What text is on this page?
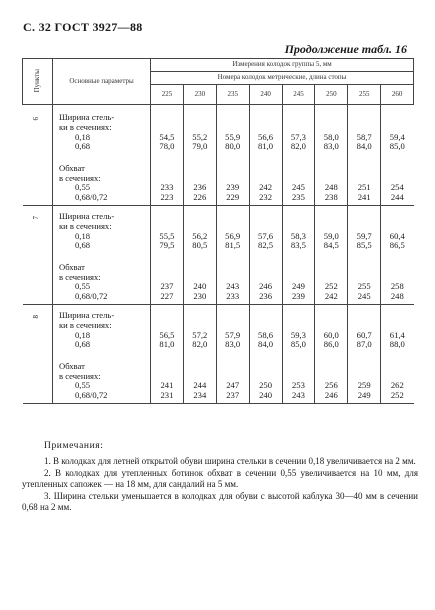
С. 32 ГОСТ 3927—88
Продолжение табл. 16
Пункты	Основные параметры	Измерения колодок группы 5, мм							
		Номера колодок метрические, длина стопы							
		225	230	235	240	245	250	255	260
6	Ширина стель-								
	ки в сечениях:								
	0,18	54,5	55,2	55,9	56,6	57,3	58,0	58,7	59,4
	0,68	78,0	79,0	80,0	81,0	82,0	83,0	84,0	85,0
	Обхват								
	в сечениях:								
	0,55	233	236	239	242	245	248	251	254
	0,68/0,72	223	226	229	232	235	238	241	244
7	Ширина стель-								
	ки в сечениях:								
	0,18	55,5	56,2	56,9	57,6	58,3	59,0	59,7	60,4
	0,68	79,5	80,5	81,5	82,5	83,5	84,5	85,5	86,5
	Обхват								
	в сечениях:								
	0,55	237	240	243	246	249	252	255	258
	0,68/0,72	227	230	233	236	239	242	245	248
8	Ширина стель-								
	ки в сечениях:								
	0,18	56,5	57,2	57,9	58,6	59,3	60,0	60,7	61,4
	0,68	81,0	82,0	83,0	84,0	85,0	86,0	87,0	88,0
	Обхват								
	в сечениях:								
	0,55	241	244	247	250	253	256	259	262
	0,68/0,72	231	234	237	240	243	246	249	252
Примечания:

1. В колодках для летней открытой обуви ширина стельки в сечении 0,18 увеличивается на 2 мм.

2. В колодках для утепленных ботинок обхват в сечении 0,55 увеличивается на 10 мм, для утепленных сапожек — на 18 мм, для сандалий на 5 мм.

3. Ширина стельки уменьшается в колодках для обуви с высотой каблука 30—40 мм в сечении 0,68 на 2 мм.
